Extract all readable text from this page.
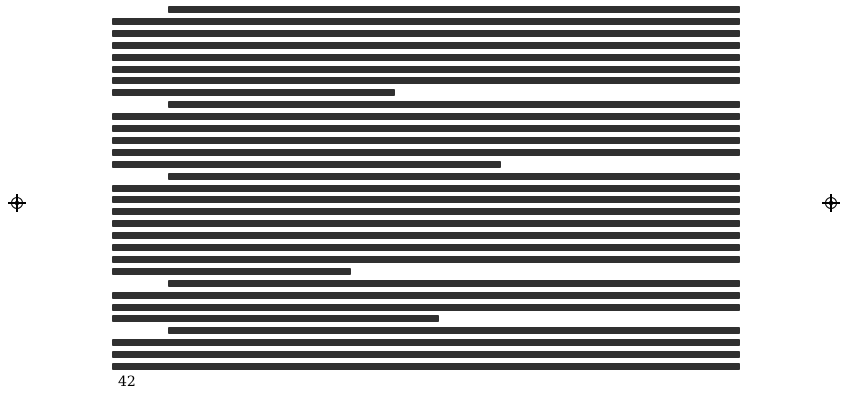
42
